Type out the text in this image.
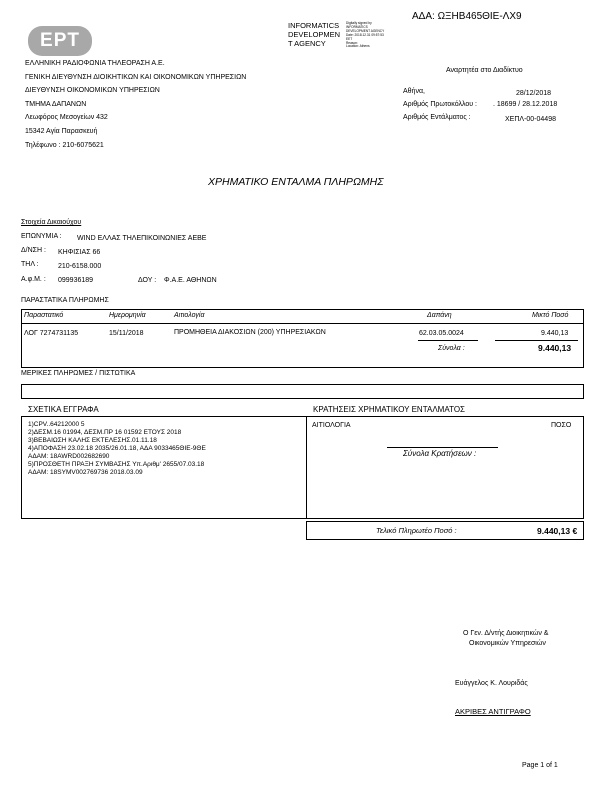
ΕΡΤ
INFORMATICS
DEVELOPMEN
T AGENCY
Digitally signed by
INFORMATICS
DEVELOPMENT AGENCY
Date: 2018.12.31 09:57:53
EET
Reason:
Location: Athens
ΑΔΑ: ΩΞΗΒ465ΘΙΕ-ΛΧ9
ΕΛΛΗΝΙΚΗ ΡΑΔΙΟΦΩΝΙΑ ΤΗΛΕΟΡΑΣΗ Α.Ε.
ΓΕΝΙΚΗ ΔΙΕΥΘΥΝΣΗ ΔΙΟΙΚΗΤΙΚΩΝ ΚΑΙ ΟΙΚΟΝΟΜΙΚΩΝ ΥΠΗΡΕΣΙΩΝ
ΔΙΕΥΘΥΝΣΗ ΟΙΚΟΝΟΜΙΚΩΝ ΥΠΗΡΕΣΙΩΝ
ΤΜΗΜΑ ΔΑΠΑΝΩΝ
Λεωφόρος Μεσογείων 432
15342 Αγία Παρασκευή
Τηλέφωνο : 210-6075621
Αναρτητέα στο Διαδίκτυο
Αθήνα,	28/12/2018
Αριθμός Πρωτοκόλλου : . 18699 / 28.12.2018
Αριθμός Εντάλματος :	ΧΕΠΛ-00-04498
ΧΡΗΜΑΤΙΚΟ ΕΝΤΑΛΜΑ ΠΛΗΡΩΜΗΣ
Στοιχεία Δικαιούχου
ΕΠΩΝΥΜΙΑ : WIND ΕΛΛΑΣ ΤΗΛΕΠΙΚΟΙΝΩΝΙΕΣ ΑΕΒΕ
Δ/ΝΣΗ : ΚΗΦΙΣΙΑΣ 66
ΤΗΛ :	210-6158.000
Α.φ.Μ. : 099936189	ΔΟΥ : Φ.Α.Ε. ΑΘΗΝΩΝ
ΠΑΡΑΣΤΑΤΙΚΑ ΠΛΗΡΩΜΗΣ
Παραστατικό	Ημερομηνία	Αιτιολογία	Δαπάνη	Μικτό Ποσό
ΛΟΓ 7274731135	15/11/2018	ΠΡΟΜΗΘΕΙΑ ΔΙΑΚΟΣΙΩΝ (200) ΥΠΗΡΕΣΙΑΚΩΝ	62.03.05.0024	9.440,13
Σύνολα :	9.440,13
ΜΕΡΙΚΕΣ ΠΛΗΡΩΜΕΣ / ΠΙΣΤΩΤΙΚΑ
ΣΧΕΤΙΚΑ ΕΓΓΡΑΦΑ	ΚΡΑΤΗΣΕΙΣ ΧΡΗΜΑΤΙΚΟΥ ΕΝΤΑΛΜΑΤΟΣ
1)CPV..64212000 5
2)ΔΕΣΜ.16 01994, ΔΕΣΜ.ΠΡ 16 01592 ΕΤΟΥΣ 2018
3)ΒΕΒΑΙΩΣΗ ΚΑΛΗΣ ΕΚΤΕΛΕΣΗΣ.01.11.18
4)ΑΠΟΦΑΣΗ 23.02.18 2035/26.01.18, ΑΔΑ 9033465ΘΙΕ-9ΘΕ
ΑΔΑΜ: 18AWRD002682690
5)ΠΡΟΣΘΕΤΗ ΠΡΑΞΗ ΣΥΜΒΑΣΗΣ Υπ.Αριθμ' 2655/07.03.18
ΑΔΑΜ: 18SYMV002769736 2018.03.09
ΑΙΤΙΟΛΟΓΙΑ	ΠΟΣΟ
Σύνολα Κρατήσεων :
Τελικό Πληρωτέο Ποσό :	9.440,13 €
Ο Γεν. Δ/ντής Διοικητικών &
Οικονομικών Υπηρεσιών
Ευάγγελος Κ. Λουριδάς
ΑΚΡΙΒΕΣ ΑΝΤΙΓΡΑΦΟ
Page 1 of 1
